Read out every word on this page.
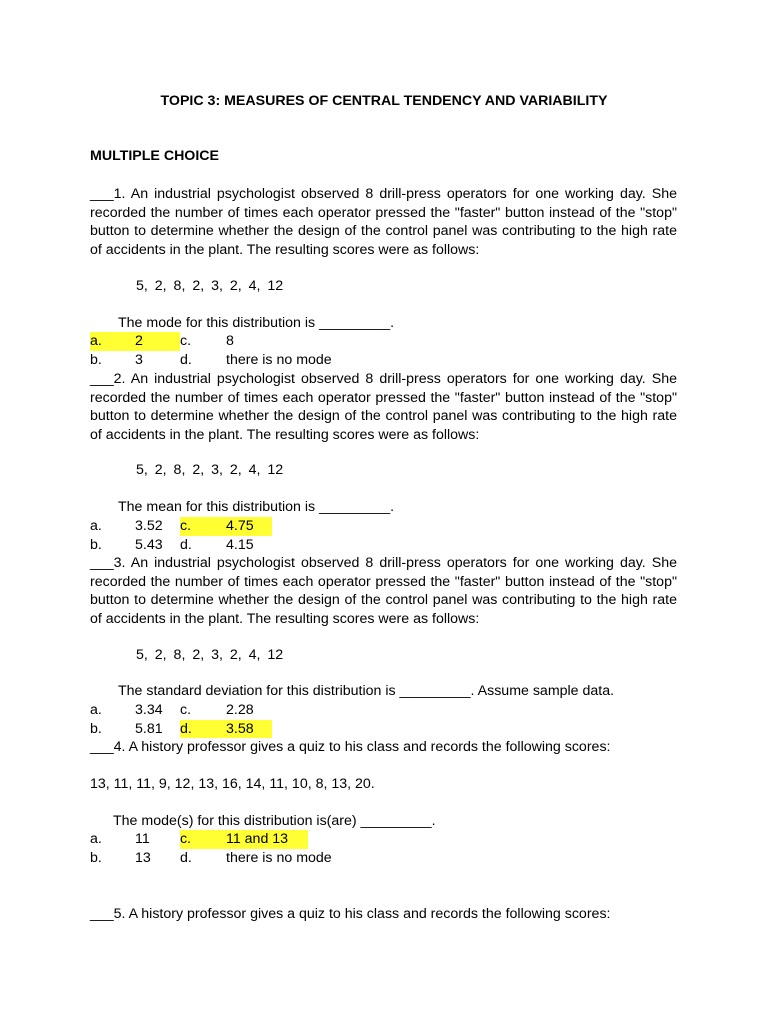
TOPIC 3: MEASURES OF CENTRAL TENDENCY AND VARIABILITY
MULTIPLE CHOICE
___1. An industrial psychologist observed 8 drill-press operators for one working day. She recorded the number of times each operator pressed the "faster" button instead of the "stop" button to determine whether the design of the control panel was contributing to the high rate of accidents in the plant. The resulting scores were as follows:
5, 2, 8, 2, 3, 2, 4, 12
The mode for this distribution is _________.
a. 2	c. 8
b. 3	d. there is no mode
___2. An industrial psychologist observed 8 drill-press operators for one working day. She recorded the number of times each operator pressed the "faster" button instead of the "stop" button to determine whether the design of the control panel was contributing to the high rate of accidents in the plant. The resulting scores were as follows:
5, 2, 8, 2, 3, 2, 4, 12
The mean for this distribution is _________.
a. 3.52 c. 4.75
b. 5.43 d. 4.15
___3. An industrial psychologist observed 8 drill-press operators for one working day. She recorded the number of times each operator pressed the "faster" button instead of the "stop" button to determine whether the design of the control panel was contributing to the high rate of accidents in the plant. The resulting scores were as follows:
5, 2, 8, 2, 3, 2, 4, 12
The standard deviation for this distribution is _________. Assume sample data.
a. 3.34 c. 2.28
b. 5.81 d. 3.58
___4. A history professor gives a quiz to his class and records the following scores:
13, 11, 11, 9, 12, 13, 16, 14, 11, 10, 8, 13, 20.
The mode(s) for this distribution is(are) _________.
a. 11 c. 11 and 13
b. 13 d. there is no mode
___5. A history professor gives a quiz to his class and records the following scores:
